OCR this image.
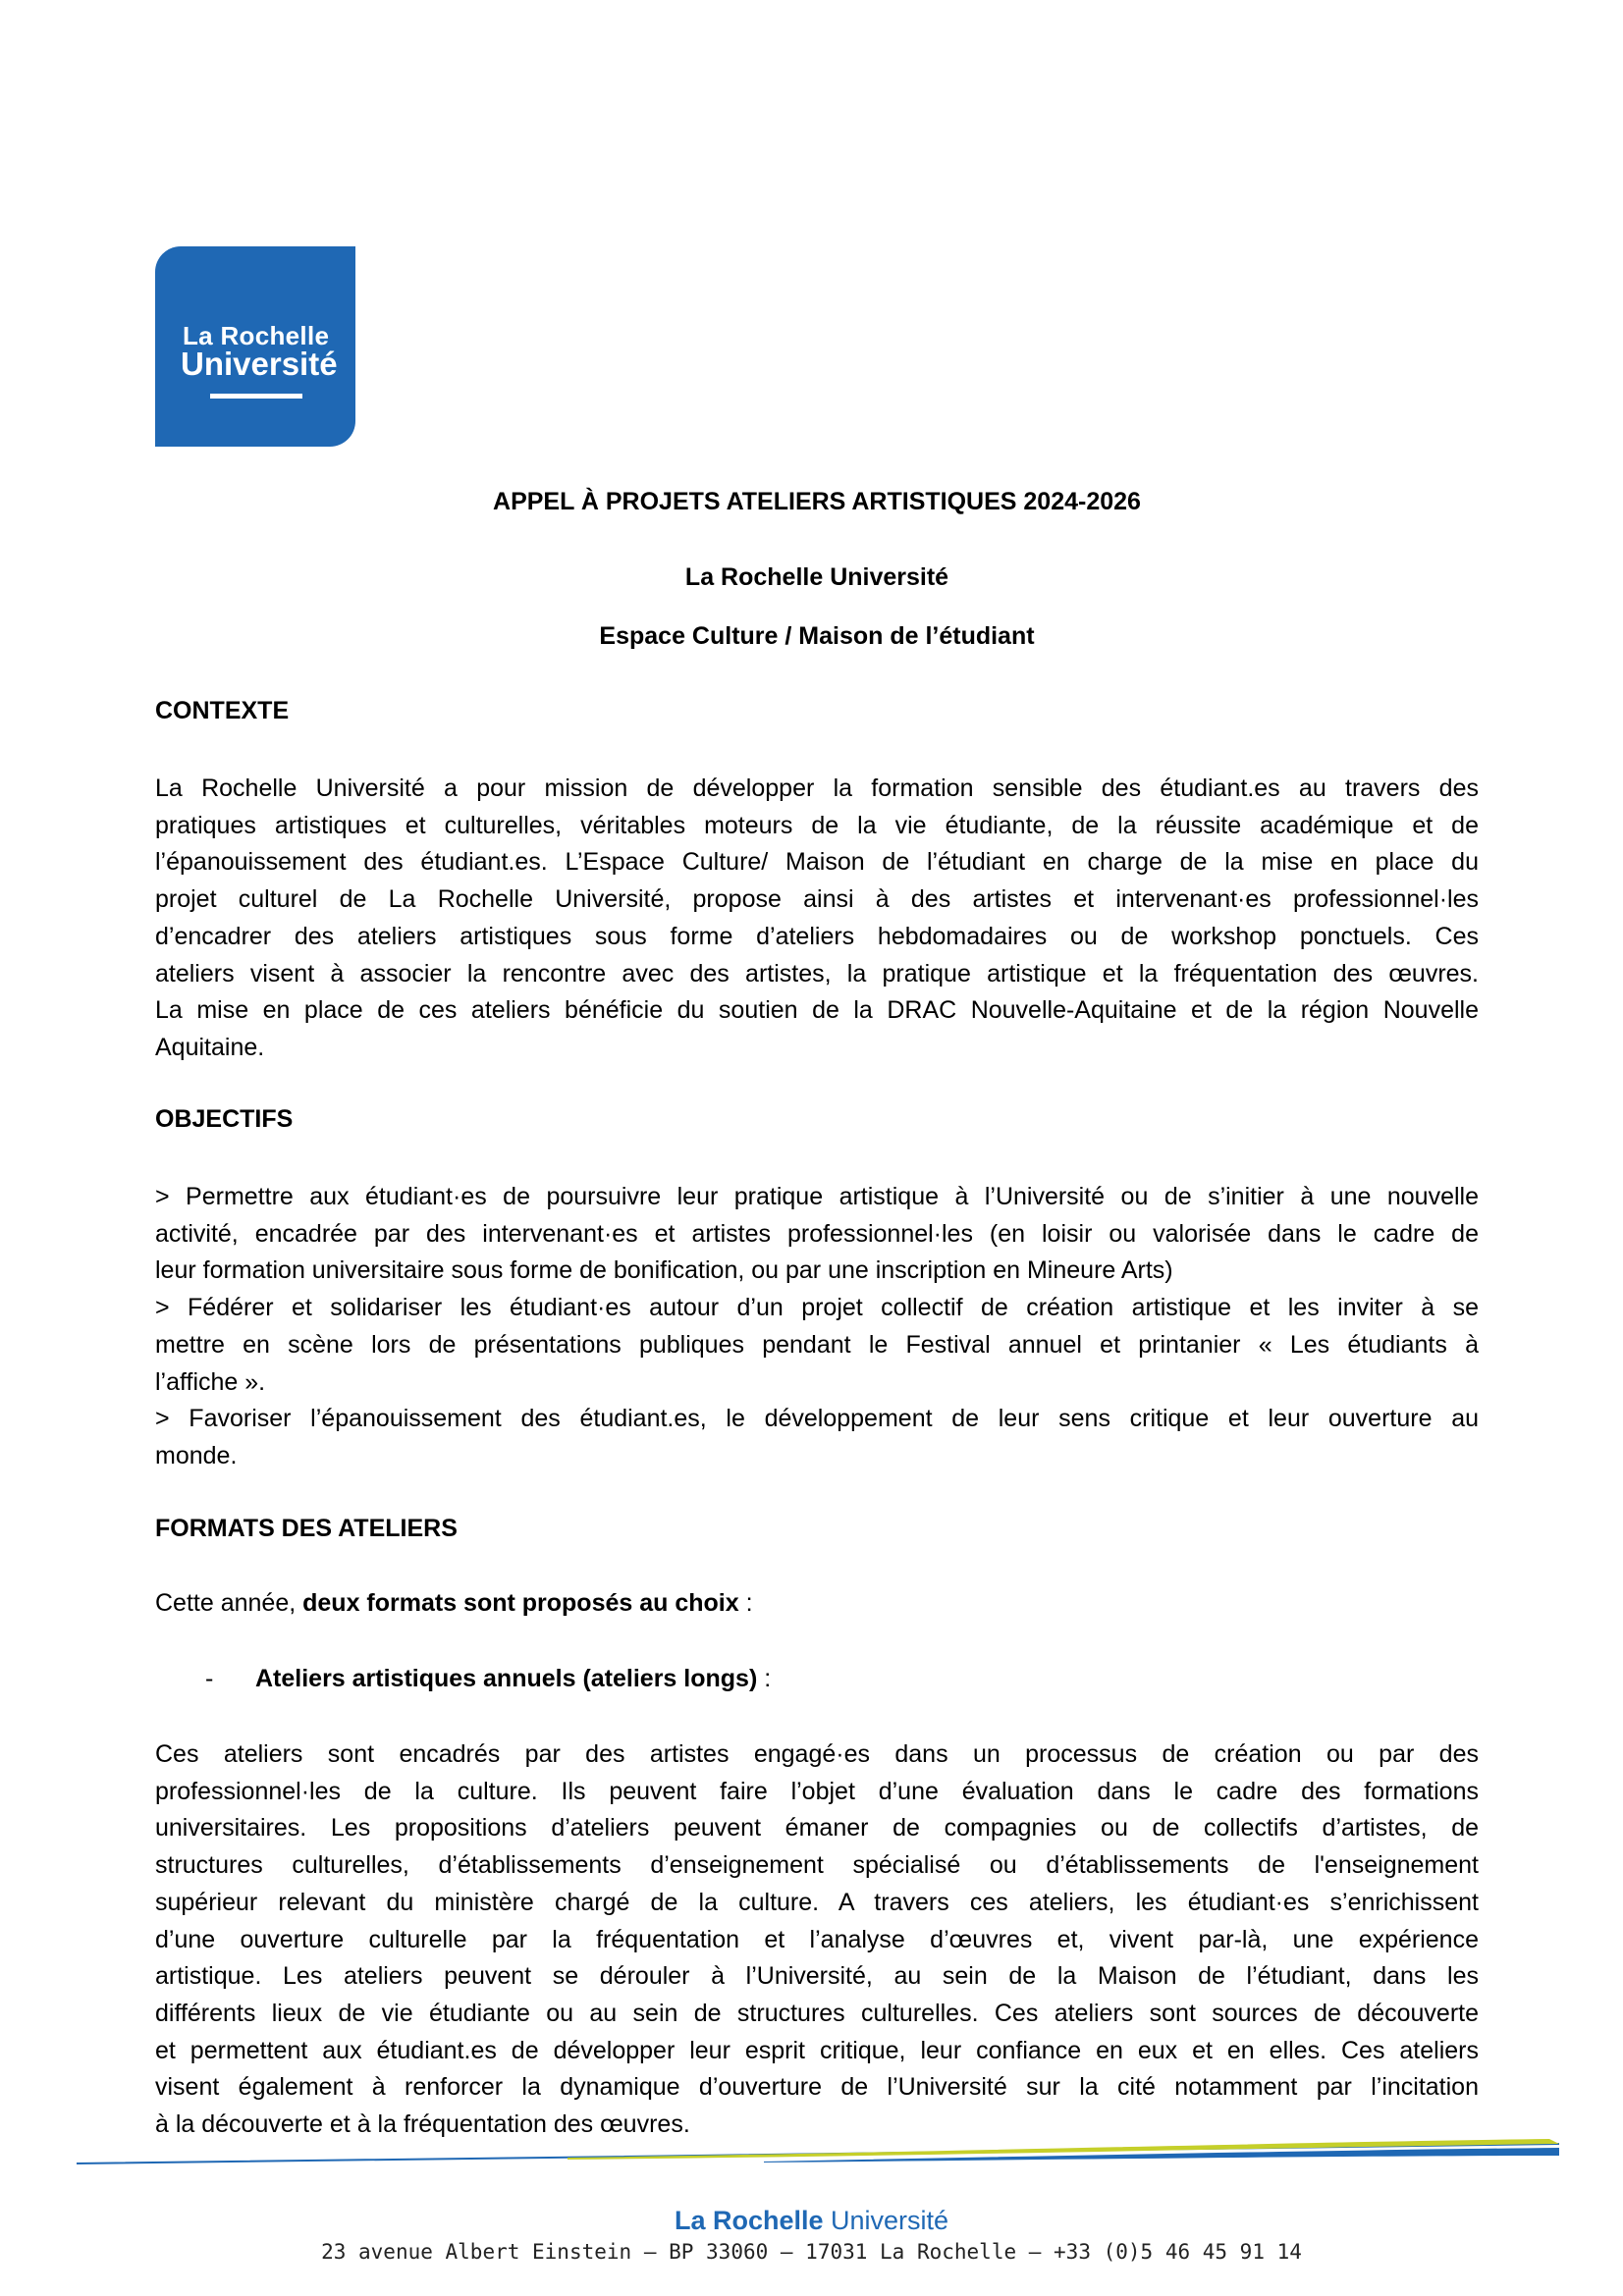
La Rochelle
Université
APPEL À PROJETS ATELIERS ARTISTIQUES 2024-2026
La Rochelle Université
Espace Culture / Maison de l’étudiant
CONTEXTE

La Rochelle Université a pour mission de développer la formation sensible des étudiant.es au travers des
pratiques artistiques et culturelles, véritables moteurs de la vie étudiante, de la réussite académique et de
l’épanouissement des étudiant.es. L’Espace Culture/ Maison de l’étudiant en charge de la mise en place du
projet culturel de La Rochelle Université, propose ainsi à des artistes et intervenant·es professionnel·les
d’encadrer des ateliers artistiques sous forme d’ateliers hebdomadaires ou de workshop ponctuels. Ces
ateliers visent à associer la rencontre avec des artistes, la pratique artistique et la fréquentation des œuvres.
La mise en place de ces ateliers bénéficie du soutien de la DRAC Nouvelle-Aquitaine et de la région Nouvelle
Aquitaine.

OBJECTIFS

> Permettre aux étudiant·es de poursuivre leur pratique artistique à l’Université ou de s’initier à une nouvelle
activité, encadrée par des intervenant·es et artistes professionnel·les (en loisir ou valorisée dans le cadre de
leur formation universitaire sous forme de bonification, ou par une inscription en Mineure Arts)
> Fédérer et solidariser les étudiant·es autour d’un projet collectif de création artistique et les inviter à se
mettre en scène lors de présentations publiques pendant le Festival annuel et printanier « Les étudiants à
l’affiche ».
> Favoriser l’épanouissement des étudiant.es, le développement de leur sens critique et leur ouverture au
monde.

FORMATS DES ATELIERS
Cette année, deux formats sont proposés au choix :
- Ateliers artistiques annuels (ateliers longs) :

Ces ateliers sont encadrés par des artistes engagé·es dans un processus de création ou par des
professionnel·les de la culture. Ils peuvent faire l’objet d’une évaluation dans le cadre des formations
universitaires. Les propositions d’ateliers peuvent émaner de compagnies ou de collectifs d’artistes, de
structures culturelles, d’établissements d’enseignement spécialisé ou d’établissements de l'enseignement
supérieur relevant du ministère chargé de la culture. A travers ces ateliers, les étudiant·es s’enrichissent
d’une ouverture culturelle par la fréquentation et l’analyse d’œuvres et, vivent par-là, une expérience
artistique. Les ateliers peuvent se dérouler à l’Université, au sein de la Maison de l’étudiant, dans les
différents lieux de vie étudiante ou au sein de structures culturelles. Ces ateliers sont sources de découverte
et permettent aux étudiant.es de développer leur esprit critique, leur confiance en eux et en elles. Ces ateliers
visent également à renforcer la dynamique d’ouverture de l’Université sur la cité notamment par l’incitation
à la découverte et à la fréquentation des œuvres.

La Rochelle Université
23 avenue Albert Einstein – BP 33060 – 17031 La Rochelle – +33 (0)5 46 45 91 14
